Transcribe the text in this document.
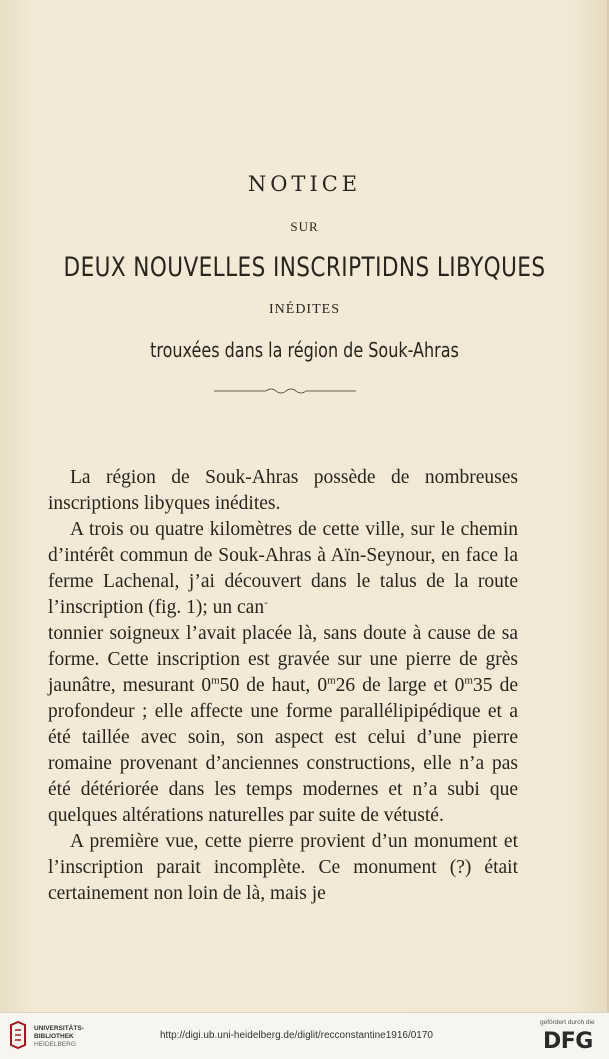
NOTICE
SUR
DEUX NOUVELLES INSCRIPTIDNS LIBYQUES
INÉDITES
trouxées dans la région de Souk-Ahras

La région de Souk-Ahras possède de nombreuses inscriptions libyques inédites.

A trois ou quatre kilomètres de cette ville, sur le chemin d’intérêt commun de Souk-Ahras à Aïn-Seynour, en face la ferme Lachenal, j’ai découvert dans le talus de la route l’inscription (fig. 1); un can-
tonnier soigneux l’avait placée là, sans doute à cause de sa forme. Cette inscription est gravée sur une pierre de grès jaunâtre, mesurant 0$^m$50 de haut, 0$^m$26 de large et 0$^m$35 de profondeur ; elle affecte une forme parallélipipédique et a été taillée avec soin, son aspect est celui d’une pierre romaine provenant d’anciennes constructions, elle n’a pas été détériorée dans les temps modernes et n’a subi que quelques altérations naturelles par suite de vétusté.

A première vue, cette pierre provient d’un monument et l’inscription parait incomplète. Ce monument (?) était certainement non loin de là, mais je

UNIVERSITÄTS-
BIBLIOTHEK
HEIDELBERG
http://digi.ub.uni-heidelberg.de/diglit/recconstantine1916/0170
gefördert durch die
DFG
